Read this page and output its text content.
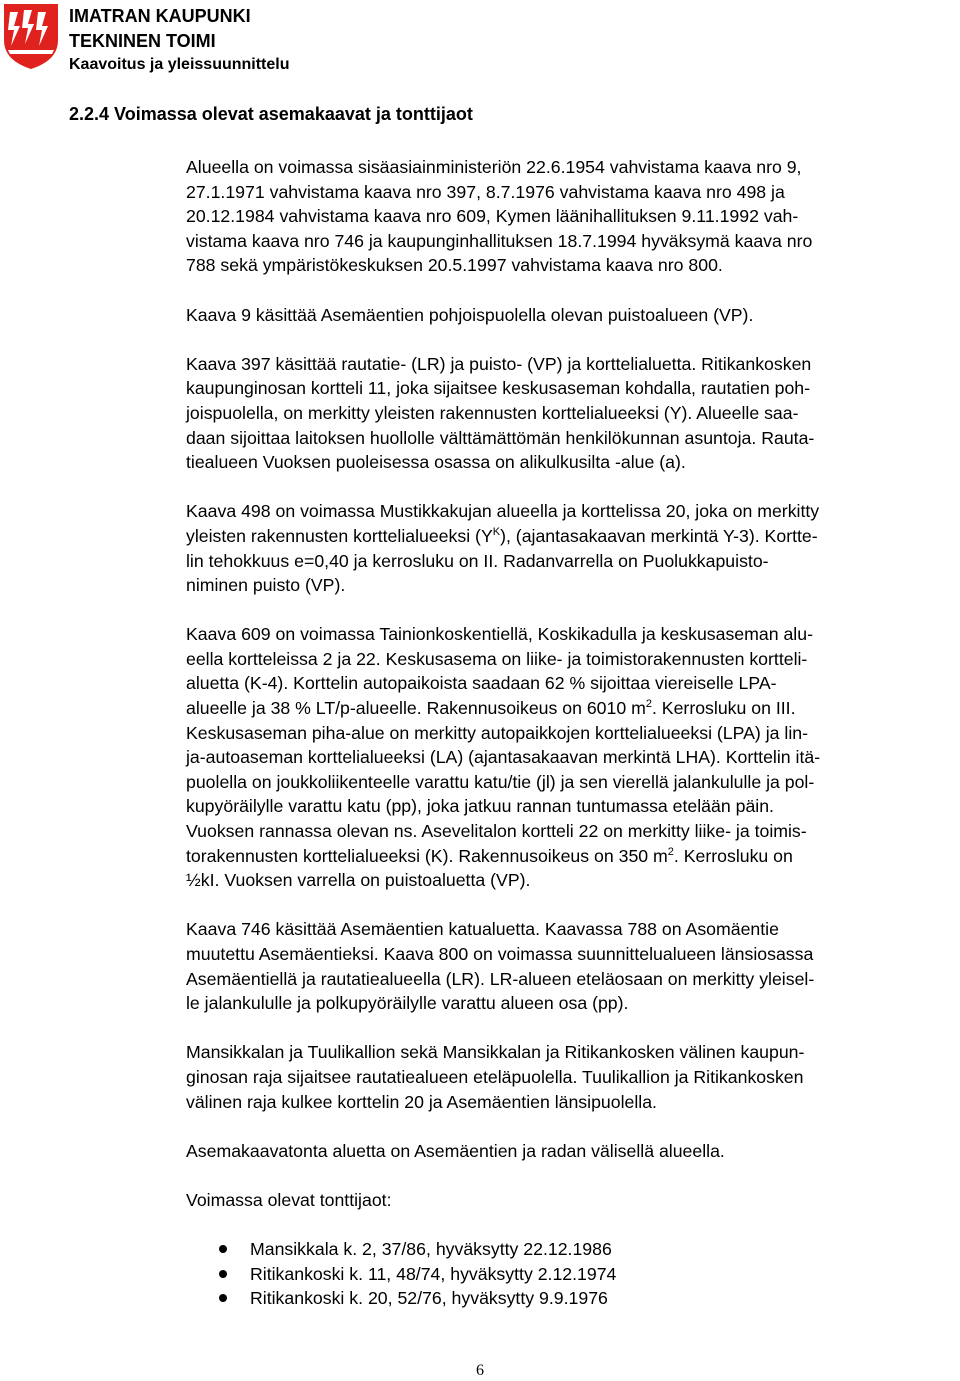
IMATRAN KAUPUNKI
TEKNINEN TOIMI
Kaavoitus ja yleissuunnittelu
2.2.4 Voimassa olevat asemakaavat ja tonttijaot

Alueella on voimassa sisäasiainministeriön 22.6.1954 vahvistama kaava nro 9,
27.1.1971 vahvistama kaava nro 397, 8.7.1976 vahvistama kaava nro 498 ja
20.12.1984 vahvistama kaava nro 609, Kymen läänihallituksen 9.11.1992 vah-
vistama kaava nro 746 ja kaupunginhallituksen 18.7.1994 hyväksymä kaava nro
788 sekä ympäristökeskuksen 20.5.1997 vahvistama kaava nro 800.

Kaava 9 käsittää Asemäentien pohjoispuolella olevan puistoalueen (VP).

Kaava 397 käsittää rautatie- (LR) ja puisto- (VP) ja korttelialuetta. Ritikankosken
kaupunginosan kortteli 11, joka sijaitsee keskusaseman kohdalla, rautatien poh-
joispuolella, on merkitty yleisten rakennusten korttelialueeksi (Y). Alueelle saa-
daan sijoittaa laitoksen huollolle välttämättömän henkilökunnan asuntoja. Rauta-
tiealueen Vuoksen puoleisessa osassa on alikulkusilta -alue (a).

Kaava 498 on voimassa Mustikkakujan alueella ja korttelissa 20, joka on merkitty
yleisten rakennusten korttelialueeksi $(Y^K)$, (ajantasakaavan merkintä Y-3). Kortte-
lin tehokkuus e=0,40 ja kerrosluku on II. Radanvarrella on Puolukkapuisto-
niminen puisto (VP).

Kaava 609 on voimassa Tainionkoskentiellä, Koskikadulla ja keskusaseman alu-
eella kortteleissa 2 ja 22. Keskusasema on liike- ja toimistorakennusten kortteli-
aluetta (K-4). Korttelin autopaikoista saadaan 62 % sijoittaa viereiselle LPA-
alueelle ja 38 % LT/p-alueelle. Rakennusoikeus on 6010 $m^2$. Kerrosluku on III.
Keskusaseman piha-alue on merkitty autopaikkojen korttelialueeksi (LPA) ja lin-
ja-autoaseman korttelialueeksi (LA) (ajantasakaavan merkintä LHA). Korttelin itä-
puolella on joukkoliikenteelle varattu katu/tie (jl) ja sen vierellä jalankululle ja pol-
kupyöräilylle varattu katu (pp), joka jatkuu rannan tuntumassa etelään päin.
Vuoksen rannassa olevan ns. Asevelitalon kortteli 22 on merkitty liike- ja toimis-
torakennusten korttelialueeksi (K). Rakennusoikeus on 350 $m^2$. Kerrosluku on
½kI. Vuoksen varrella on puistoaluetta (VP).

Kaava 746 käsittää Asemäentien katualuetta. Kaavassa 788 on Asomäentie
muutettu Asemäentieksi. Kaava 800 on voimassa suunnittelualueen länsiosassa
Asemäentiellä ja rautatiealueella (LR). LR-alueen eteläosaan on merkitty yleisel-
le jalankululle ja polkupyöräilylle varattu alueen osa (pp).

Mansikkalan ja Tuulikallion sekä Mansikkalan ja Ritikankosken välinen kaupun-
ginosan raja sijaitsee rautatiealueen eteläpuolella. Tuulikallion ja Ritikankosken
välinen raja kulkee korttelin 20 ja Asemäentien länsipuolella.

Asemakaavatonta aluetta on Asemäentien ja radan välisellä alueella.

Voimassa olevat tonttijaot:

Mansikkala k. 2, 37/86, hyväksytty 22.12.1986
Ritikankoski k. 11, 48/74, hyväksytty 2.12.1974
Ritikankoski k. 20, 52/76, hyväksytty 9.9.1976
6
